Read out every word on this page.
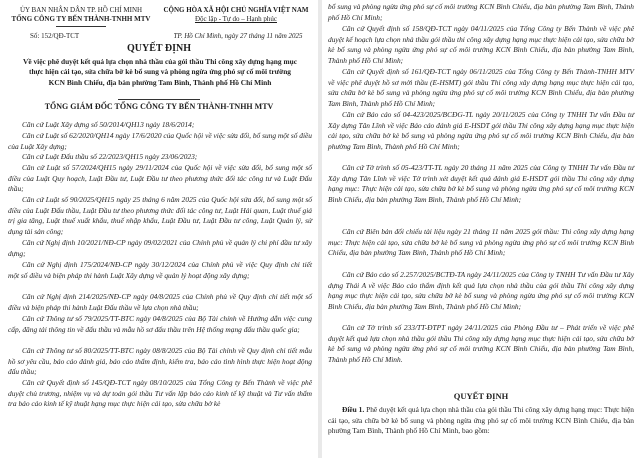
ỦY BAN NHÂN DÂN TP. HỒ CHÍ MINH
TỔNG CÔNG TY BẾN THÀNH-TNHH MTV
CỘNG HÒA XÃ HỘI CHỦ NGHĨA VIỆT NAM
Độc lập - Tự do – Hạnh phúc
Số: 152/QĐ-TCT	TP. Hồ Chí Minh, ngày 27 tháng 11 năm 2025
QUYẾT ĐỊNH
Về việc phê duyệt kết quả lựa chọn nhà thầu của gói thầu Thi công xây dựng hạng mục thực hiện cải tạo, sửa chữa bờ kè bổ sung và phòng ngừa ứng phó sự cố môi trường KCN Bình Chiểu, địa bàn phường Tam Bình, Thành phố Hồ Chí Minh
TỔNG GIÁM ĐỐC TỔNG CÔNG TY BẾN THÀNH-TNHH MTV
Căn cứ Luật Xây dựng số 50/2014/QH13 ngày 18/6/2014;
Căn cứ Luật số 62/2020/QH14 ngày 17/6/2020 của Quốc hội về việc sửa đổi, bổ sung một số điều của Luật Xây dựng;
Căn cứ Luật Đấu thầu số 22/2023/QH15 ngày 23/06/2023;
Căn cứ Luật số 57/2024/QH15 ngày 29/11/2024 của Quốc hội về việc sửa đổi, bổ sung một số điều của Luật Quy hoạch, Luật Đầu tư, Luật Đầu tư theo phương thức đối tác công tư và Luật Đấu thầu;
Căn cứ Luật số 90/2025/QH15 ngày 25 tháng 6 năm 2025 của Quốc hội sửa đổi, bổ sung một số điều của Luật Đấu thầu, Luật Đầu tư theo phương thức đối tác công tư, Luật Hải quan, Luật thuế giá trị gia tăng, Luật thuế xuất khẩu, thuế nhập khẩu, Luật Đầu tư, Luật Đầu tư công, Luật Quản lý, sử dụng tài sản công;
Căn cứ Nghị định 10/2021/NĐ-CP ngày 09/02/2021 của Chính phủ về quản lý chi phí đầu tư xây dựng;
Căn cứ Nghị định 175/2024/NĐ-CP ngày 30/12/2024 của Chính phủ về việc Quy định chi tiết một số điều và biện pháp thi hành Luật Xây dựng về quản lý hoạt động xây dựng;
Căn cứ Nghị định 214/2025/NĐ-CP ngày 04/8/2025 của Chính phủ về Quy định chi tiết một số điều và biện pháp thi hành Luật Đấu thầu về lựa chọn nhà thầu;
Căn cứ Thông tư số 79/2025/TT-BTC ngày 04/8/2025 của Bộ Tài chính về Hướng dẫn việc cung cấp, đăng tải thông tin về đấu thầu và mẫu hồ sơ đấu thầu trên Hệ thống mạng đấu thầu quốc gia;
Căn cứ Thông tư số 80/2025/TT-BTC ngày 08/8/2025 của Bộ Tài chính về Quy định chi tiết mẫu hồ sơ yêu cầu, báo cáo đánh giá, báo cáo thẩm định, kiểm tra, báo cáo tình hình thực hiện hoạt động đấu thầu;
Căn cứ Quyết định số 145/QĐ-TCT ngày 08/10/2025 của Tổng Công ty Bến Thành về việc phê duyệt chủ trương, nhiệm vụ và dự toán gói thầu Tư vấn lập báo cáo kinh tế kỹ thuật và Tư vấn thẩm tra báo cáo kinh tế kỹ thuật hạng mục thực hiện cải tạo, sửa chữa bờ kè
bổ sung và phòng ngừa ứng phó sự cố môi trường KCN Bình Chiểu, địa bàn phường Tam Bình, Thành phố Hồ Chí Minh;
Căn cứ Quyết định số 158/QĐ-TCT ngày 04/11/2025 của Tổng Công ty Bến Thành về việc phê duyệt kế hoạch lựa chọn nhà thầu gói thầu thi công xây dựng hạng mục thực hiện cải tạo, sửa chữa bờ kè bổ sung và phòng ngừa ứng phó sự cố môi trường KCN Bình Chiểu, địa bàn phường Tam Bình, Thành phố Hồ Chí Minh;
Căn cứ Quyết định số 161/QĐ-TCT ngày 06/11/2025 của Tổng Công ty Bến Thành-TNHH MTV về việc phê duyệt hồ sơ mời thầu (E-HSMT) gói thầu Thi công xây dựng hạng mục thực hiện cải tạo, sửa chữa bờ kè bổ sung và phòng ngừa ứng phó sự cố môi trường KCN Bình Chiểu, địa bàn phường Tam Bình, Thành phố Hồ Chí Minh;
Căn cứ Báo cáo số 04-423/2025/BCĐG-TL ngày 20/11/2025 của Công ty TNHH Tư vấn Đầu tư Xây dựng Tân Lĩnh về việc Báo cáo đánh giá E-HSDT gói thầu Thi công xây dựng hạng mục thực hiện cải tạo, sửa chữa bờ kè bổ sung và phòng ngừa ứng phó sự cố môi trường KCN Bình Chiểu, địa bàn phường Tam Bình, Thành phố Hồ Chí Minh;
Căn cứ Tờ trình số 05-423/TT-TL ngày 20 tháng 11 năm 2025 của Công ty TNHH Tư vấn Đầu tư Xây dựng Tân Lĩnh về việc Tờ trình xét duyệt kết quả đánh giá E-HSDT gói thầu Thi công xây dựng hạng mục: Thực hiện cải tạo, sửa chữa bờ kè bổ sung và phòng ngừa ứng phó sự cố môi trường KCN Bình Chiểu, địa bàn phường Tam Bình, Thành phố Hồ Chí Minh;
Căn cứ Biên bản đối chiếu tài liệu ngày 21 tháng 11 năm 2025 gói thầu: Thi công xây dựng hạng mục: Thực hiện cải tạo, sửa chữa bờ kè bổ sung và phòng ngừa ứng phó sự cố môi trường KCN Bình Chiểu, địa bàn phường Tam Bình, Thành phố Hồ Chí Minh;
Căn cứ Báo cáo số 2.257/2025/BCTĐ-TA ngày 24/11/2025 của Công ty TNHH Tư vấn Đầu tư Xây dựng Thái A về việc Báo cáo thẩm định kết quả lựa chọn nhà thầu của gói thầu Thi công xây dựng hạng mục thực hiện cải tạo, sửa chữa bờ kè bổ sung và phòng ngừa ứng phó sự cố môi trường KCN Bình Chiểu, địa bàn phường Tam Bình, Thành phố Hồ Chí Minh;
Căn cứ Tờ trình số 233/TT-ĐTPT ngày 24/11/2025 của Phòng Đầu tư – Phát triển về việc phê duyệt kết quả lựa chọn nhà thầu gói thầu Thi công xây dựng hạng mục thực hiện cải tạo, sửa chữa bờ kè bổ sung và phòng ngừa ứng phó sự cố môi trường KCN Bình Chiểu, địa bàn phường Tam Bình, Thành phố Hồ Chí Minh.
QUYẾT ĐỊNH
Điều 1. Phê duyệt kết quả lựa chọn nhà thầu của gói thầu Thi công xây dựng hạng mục: Thực hiện cải tạo, sửa chữa bờ kè bổ sung và phòng ngừa ứng phó sự cố môi trường KCN Bình Chiểu, địa bàn phường Tam Bình, Thành phố Hồ Chí Minh, bao gồm:
